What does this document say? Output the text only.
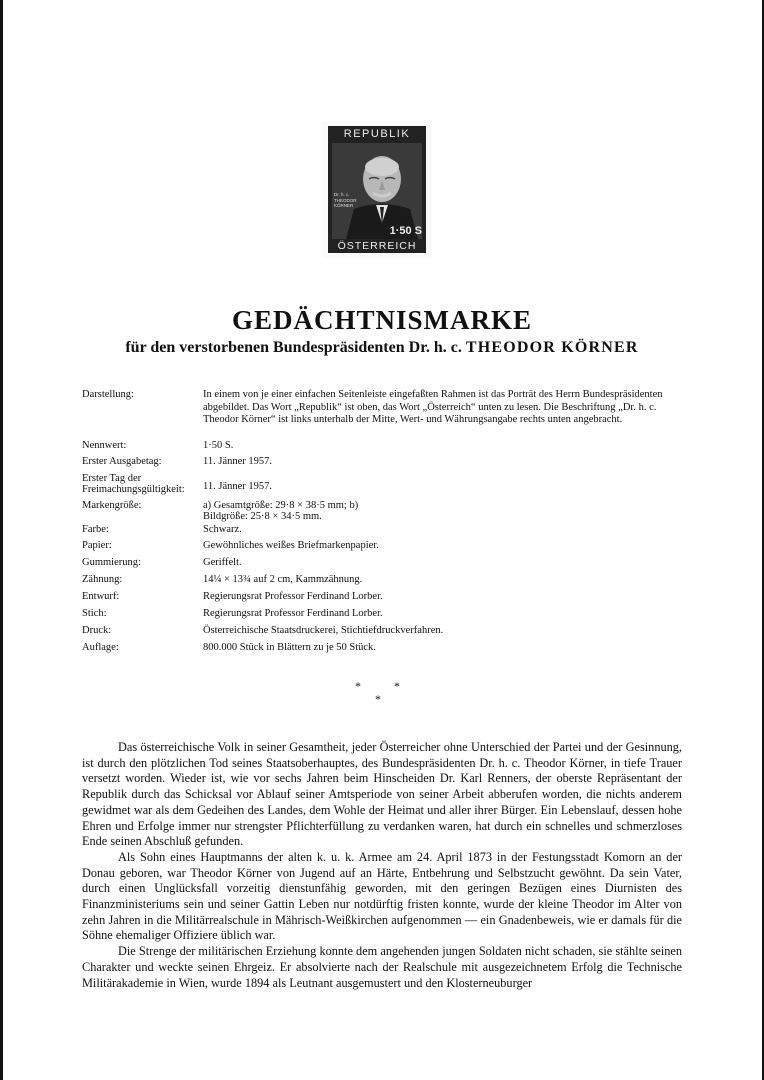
REPUBLIK
Dr. h. c. THEODOR KÖRNER
1·50 S
ÖSTERREICH
GEDÄCHTNISMARKE
für den verstorbenen Bundespräsidenten Dr. h. c. THEODOR KÖRNER
Darstellung:	In einem von je einer einfachen Seitenleiste eingefaßten Rahmen ist das Porträt des Herrn Bundespräsidenten abgebildet. Das Wort „Republik“ ist oben, das Wort „Österreich“ unten zu lesen. Die Beschriftung „Dr. h. c. Theodor Körner“ ist links unterhalb der Mitte, Wert- und Währungsangabe rechts unten angebracht.
Nennwert:	1·50 S.
Erster Ausgabetag:	11. Jänner 1957.
Erster Tag der Freimachungsgültigkeit:	11. Jänner 1957.
Markengröße:	a) Gesamtgröße: 29·8 × 38·5 mm; b) Bildgröße: 25·8 × 34·5 mm.
Farbe:	Schwarz.
Papier:	Gewöhnliches weißes Briefmarkenpapier.
Gummierung:	Geriffelt.
Zähnung:	14¼ × 13¾ auf 2 cm, Kammzähnung.
Entwurf:	Regierungsrat Professor Ferdinand Lorber.
Stich:	Regierungsrat Professor Ferdinand Lorber.
Druck:	Österreichische Staatsdruckerei, Stichtiefdruckverfahren.
Auflage:	800.000 Stück in Blättern zu je 50 Stück.
*	*
*

Das österreichische Volk in seiner Gesamtheit, jeder Österreicher ohne Unterschied der Partei und der Gesinnung, ist durch den plötzlichen Tod seines Staatsoberhauptes, des Bundespräsidenten Dr. h. c. Theodor Körner, in tiefe Trauer versetzt worden. Wieder ist, wie vor sechs Jahren beim Hinscheiden Dr. Karl Renners, der oberste Repräsentant der Republik durch das Schicksal vor Ablauf seiner Amtsperiode von seiner Arbeit abberufen worden, die nichts anderem gewidmet war als dem Gedeihen des Landes, dem Wohle der Heimat und aller ihrer Bürger. Ein Lebenslauf, dessen hohe Ehren und Erfolge immer nur strengster Pflichterfüllung zu verdanken waren, hat durch ein schnelles und schmerzloses Ende seinen Abschluß gefunden.

Als Sohn eines Hauptmanns der alten k. u. k. Armee am 24. April 1873 in der Festungsstadt Komorn an der Donau geboren, war Theodor Körner von Jugend auf an Härte, Entbehrung und Selbstzucht gewöhnt. Da sein Vater, durch einen Unglücksfall vorzeitig dienstunfähig geworden, mit den geringen Bezügen eines Diurnisten des Finanzministeriums sein und seiner Gattin Leben nur notdürftig fristen konnte, wurde der kleine Theodor im Alter von zehn Jahren in die Militärrealschule in Mährisch-Weißkirchen aufgenommen — ein Gnadenbeweis, wie er damals für die Söhne ehemaliger Offiziere üblich war.

Die Strenge der militärischen Erziehung konnte dem angehenden jungen Soldaten nicht schaden, sie stählte seinen Charakter und weckte seinen Ehrgeiz. Er absolvierte nach der Realschule mit ausgezeichnetem Erfolg die Technische Militärakademie in Wien, wurde 1894 als Leutnant ausgemustert und den Klosterneuburger
